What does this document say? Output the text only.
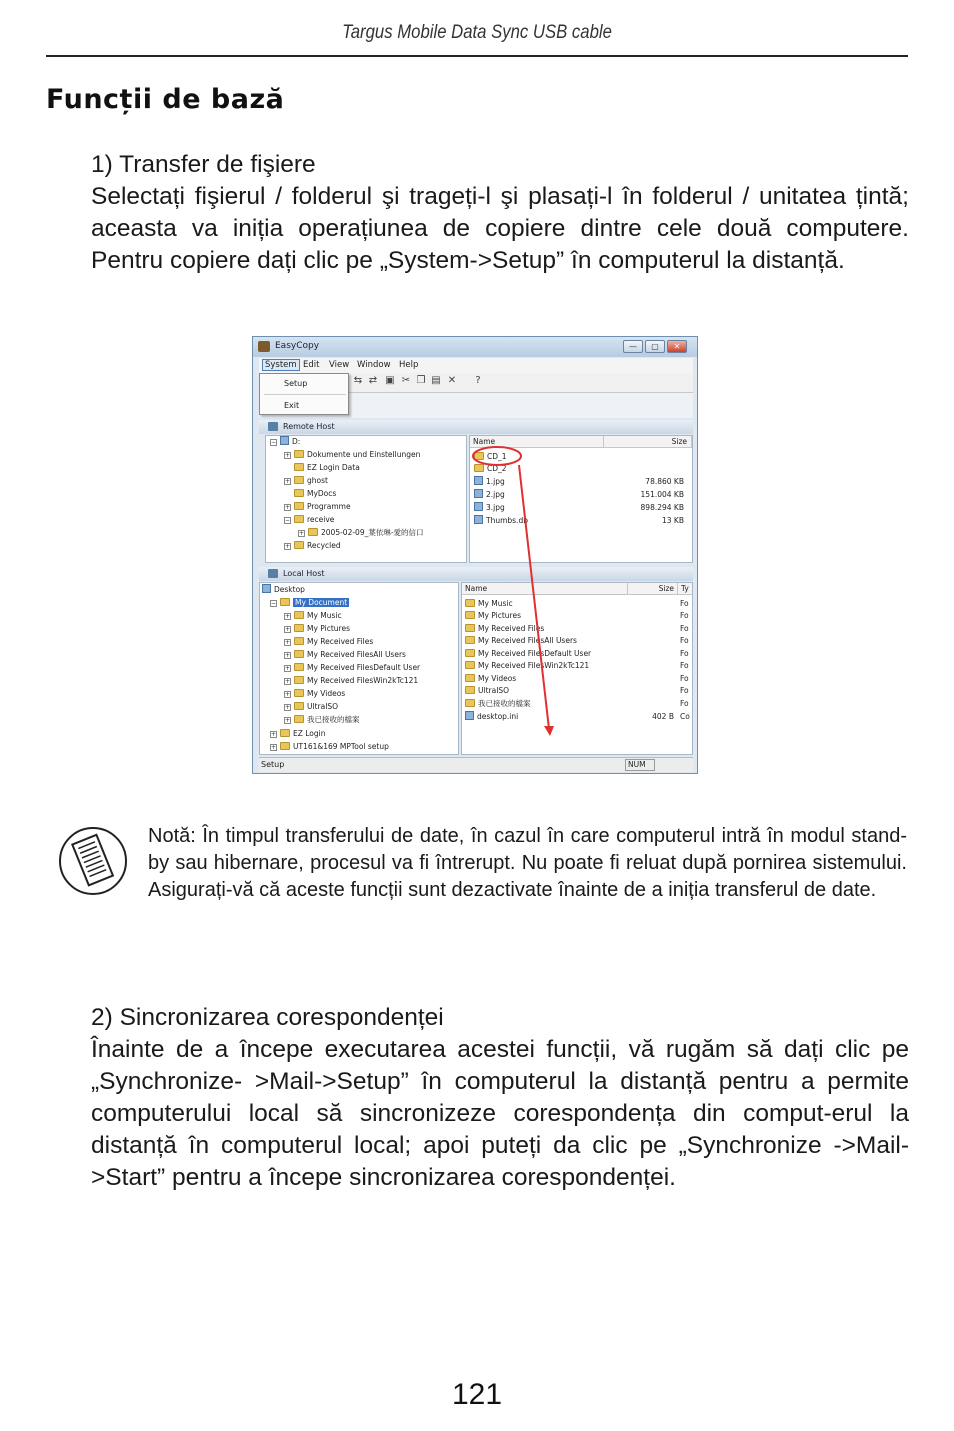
Targus Mobile Data Sync USB cable
Funcții de bază
1) Transfer de fişiere
Selectați fişierul / folderul şi trageți-l şi plasați-l în folderul / unitatea țintă; aceasta va iniția operațiunea de copiere dintre cele două computere. Pentru copiere dați clic pe „System->Setup” în computerul la distanță.
EasyCopy	—	▢	✕
System Edit View Window Help
⇆ ⇄ ▣ ✂ ❐ ▤ ✕ ?
Setup
Exit
Remote Host
−	D:
+	Dokumente und Einstellungen
EZ Login Data
+	ghost
MyDocs
+	Programme
−	receive
+	2005-02-09_葉依琳-愛的信口
+	Recycled
Name	Size
CD_1
CD_2
1.jpg	78.860 KB
2.jpg	151.004 KB
3.jpg	898.294 KB
Thumbs.db	13 KB
Local Host
Desktop
−	My Document
+	My Music
+	My Pictures
+	My Received Files
+	My Received FilesAll Users
+	My Received FilesDefault User
+	My Received FilesWin2kTc121
+	My Videos
+	UltraISO
+	我已接收的檔案
+	EZ Login
+	UT161&169 MPTool setup
Name	Size Ty
My Music	Fo
My Pictures	Fo
My Received Files	Fo
My Received FilesAll Users	Fo
My Received FilesDefault User	Fo
My Received FilesWin2kTc121	Fo
My Videos	Fo
UltraISO	Fo
我已接收的檔案	Fo
desktop.ini	402 B Co
Setup	NUM
Notă: În timpul transferului de date, în cazul în care computerul intră în modul stand-by sau hibernare, procesul va fi întrerupt. Nu poate fi reluat după pornirea sistemului. Asigurați-vă că aceste funcții sunt dezactivate înainte de a iniția transferul de date.
2) Sincronizarea corespondenței
Înainte de a începe executarea acestei funcții, vă rugăm să dați clic pe „Synchronize- >Mail->Setup” în computerul la distanță pentru a permite computerului local să sincronizeze corespondența din comput-erul la distanță în computerul local; apoi puteți da clic pe „Synchronize ->Mail->Start” pentru a începe sincronizarea corespondenței.
121
